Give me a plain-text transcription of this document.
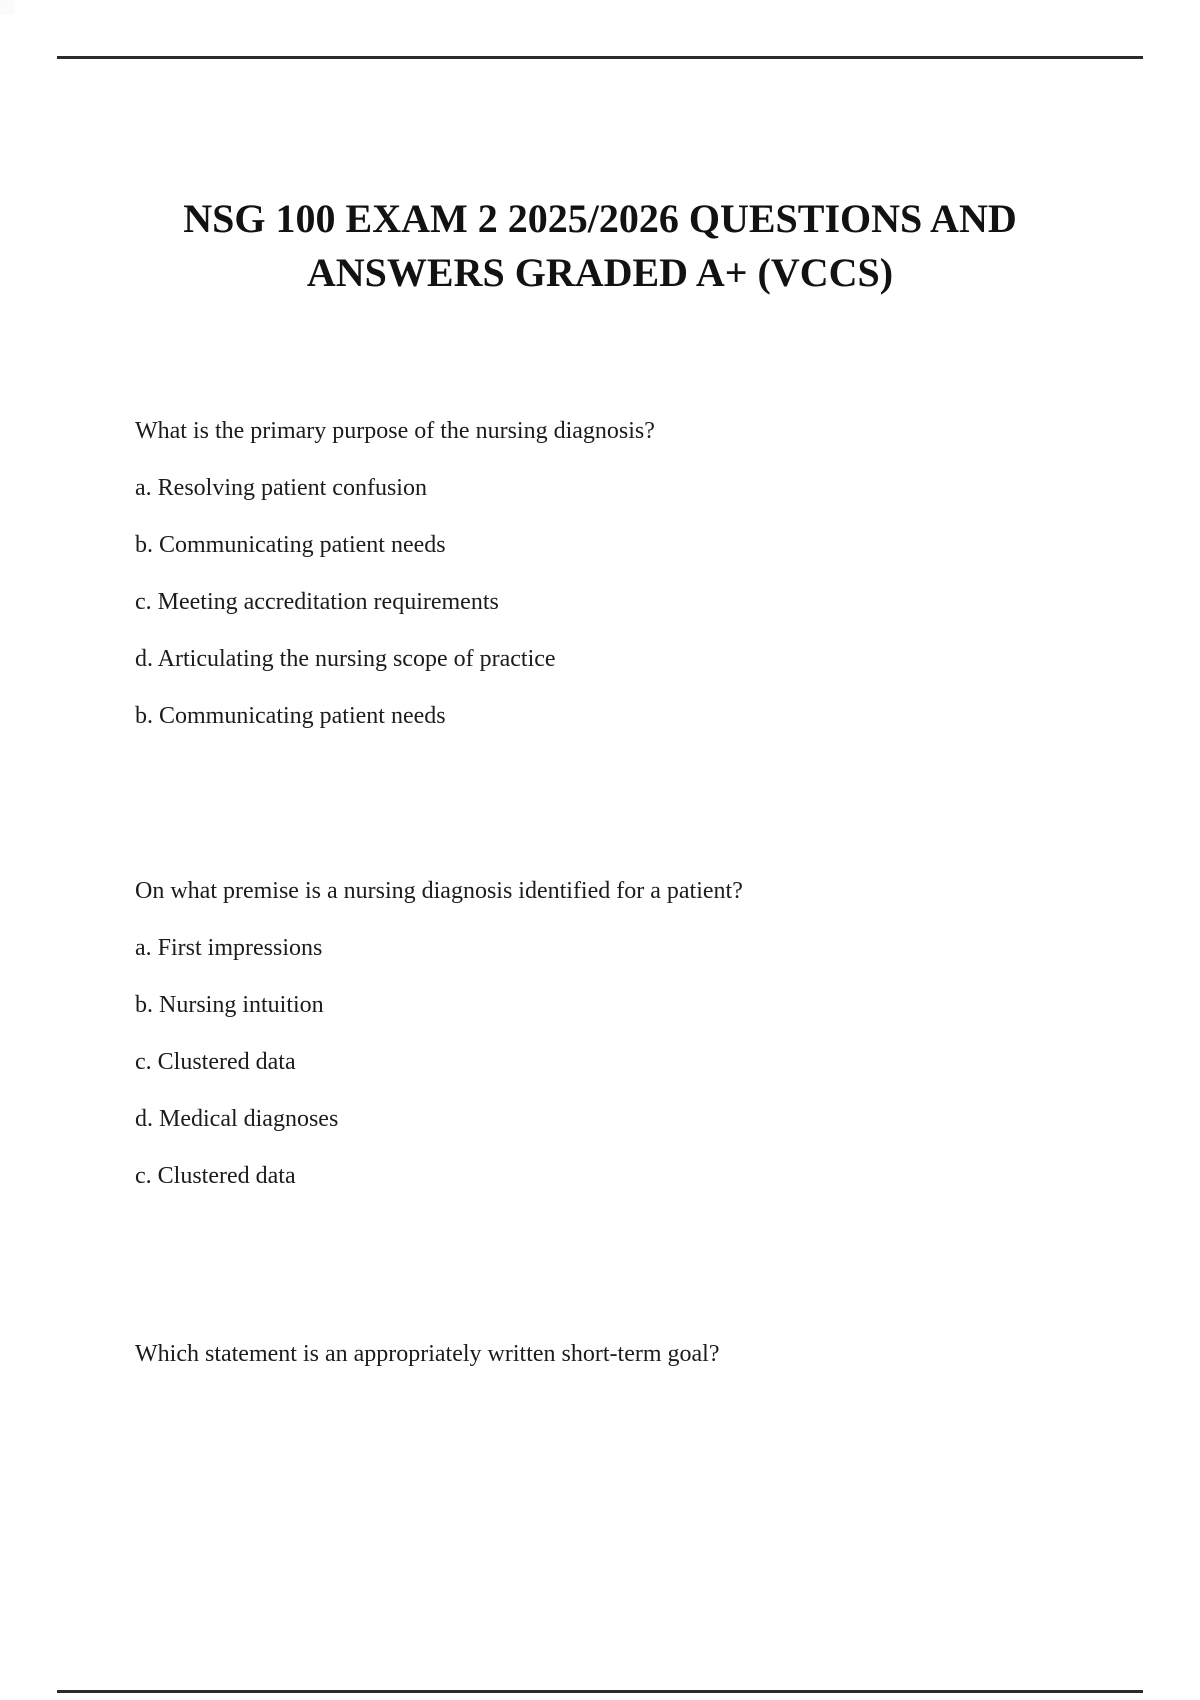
NSG 100 EXAM 2 2025/2026 QUESTIONS AND
ANSWERS GRADED A+ (VCCS)
What is the primary purpose of the nursing diagnosis?
a. Resolving patient confusion
b. Communicating patient needs
c. Meeting accreditation requirements
d. Articulating the nursing scope of practice
b. Communicating patient needs
On what premise is a nursing diagnosis identified for a patient?
a. First impressions
b. Nursing intuition
c. Clustered data
d. Medical diagnoses
c. Clustered data
Which statement is an appropriately written short-term goal?
